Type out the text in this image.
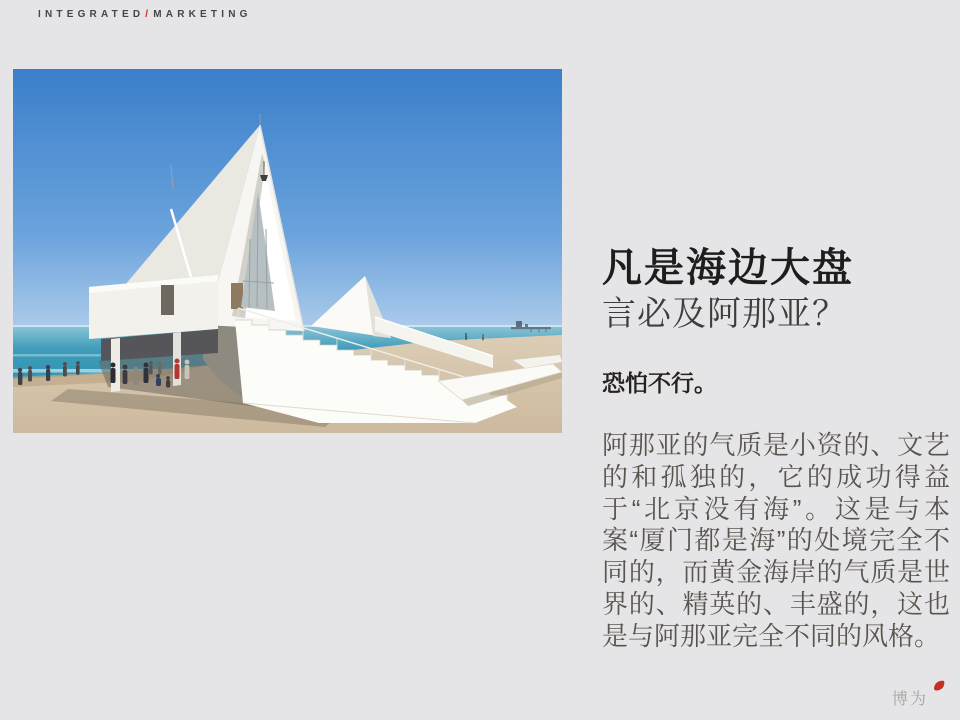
INTEGRATED/MARKETING
凡是海边大盘
言必及阿那亚？
恐怕不行。
阿那亚的气质是小资的、文艺的和孤独的，它的成功得益于“北京没有海”。这是与本案“厦门都是海”的处境完全不同的，而黄金海岸的气质是世界的、精英的、丰盛的，这也是与阿那亚完全不同的风格。
博为
